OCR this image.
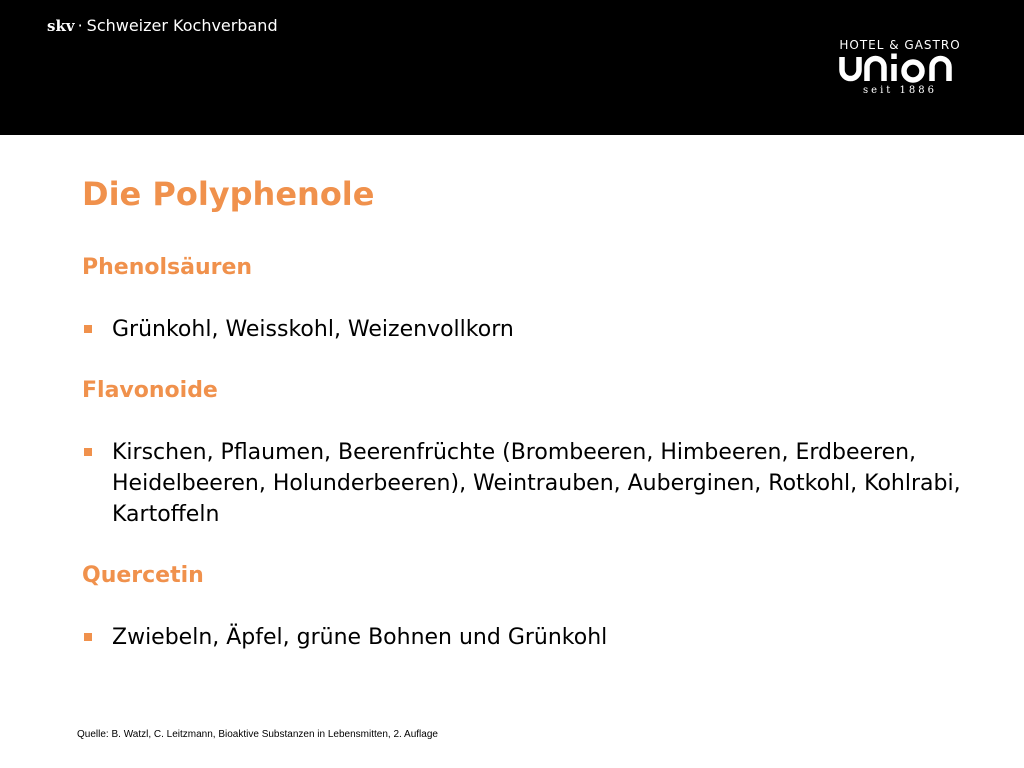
skv · Schweizer Kochverband
HOTEL & GASTRO
seit 1886
Die Polyphenole
Phenolsäuren
Grünkohl, Weisskohl, Weizenvollkorn
Flavonoide
Kirschen, Pflaumen, Beerenfrüchte (Brombeeren, Himbeeren, Erdbeeren, Heidelbeeren, Holunderbeeren), Weintrauben, Auberginen, Rotkohl, Kohlrabi, Kartoffeln
Quercetin
Zwiebeln, Äpfel, grüne Bohnen und Grünkohl
Quelle: B. Watzl, C. Leitzmann, Bioaktive Substanzen in Lebensmitten, 2. Auflage
